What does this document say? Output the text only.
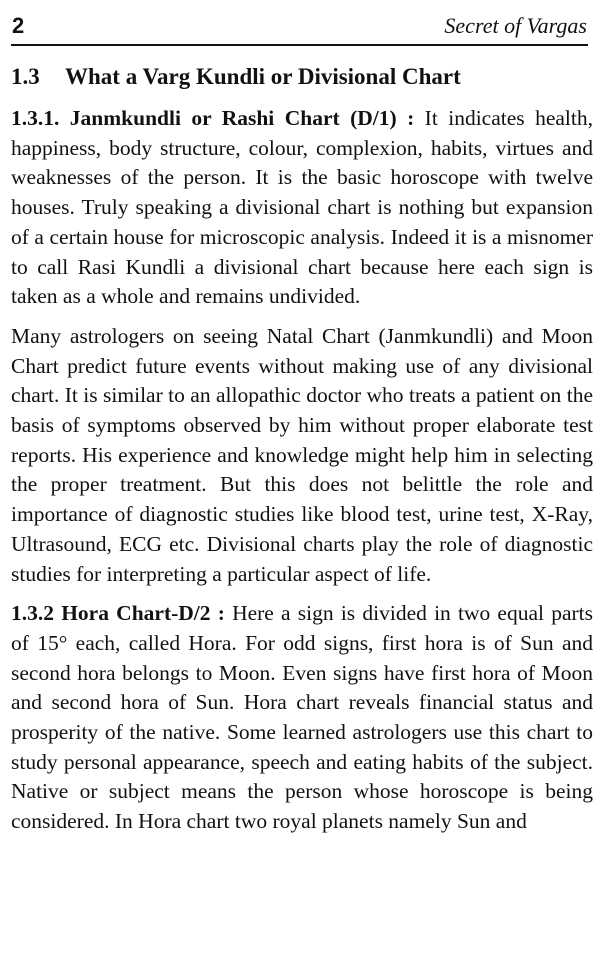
2	Secret of Vargas
1.3 What a Varg Kundli or Divisional Chart

1.3.1. Janmkundli or Rashi Chart (D/1) : It indicates health, happiness, body structure, colour, complexion, habits, virtues and weaknesses of the person. It is the basic horoscope with twelve houses. Truly speaking a divisional chart is nothing but expansion of a certain house for microscopic analysis. Indeed it is a misnomer to call Rasi Kundli a divisional chart because here each sign is taken as a whole and remains undivided.

Many astrologers on seeing Natal Chart (Janmkundli) and Moon Chart predict future events without making use of any divisional chart. It is similar to an allopathic doctor who treats a patient on the basis of symptoms observed by him without proper elaborate test reports. His experience and knowledge might help him in selecting the proper treatment. But this does not belittle the role and importance of diagnostic studies like blood test, urine test, X-Ray, Ultrasound, ECG etc. Divisional charts play the role of diagnostic studies for interpreting a particular aspect of life.

1.3.2 Hora Chart-D/2 : Here a sign is divided in two equal parts of 15° each, called Hora. For odd signs, first hora is of Sun and second hora belongs to Moon. Even signs have first hora of Moon and second hora of Sun. Hora chart reveals financial status and prosperity of the native. Some learned astrologers use this chart to study personal appearance, speech and eating habits of the subject. Native or subject means the person whose horoscope is being considered. In Hora chart two royal planets namely Sun and
